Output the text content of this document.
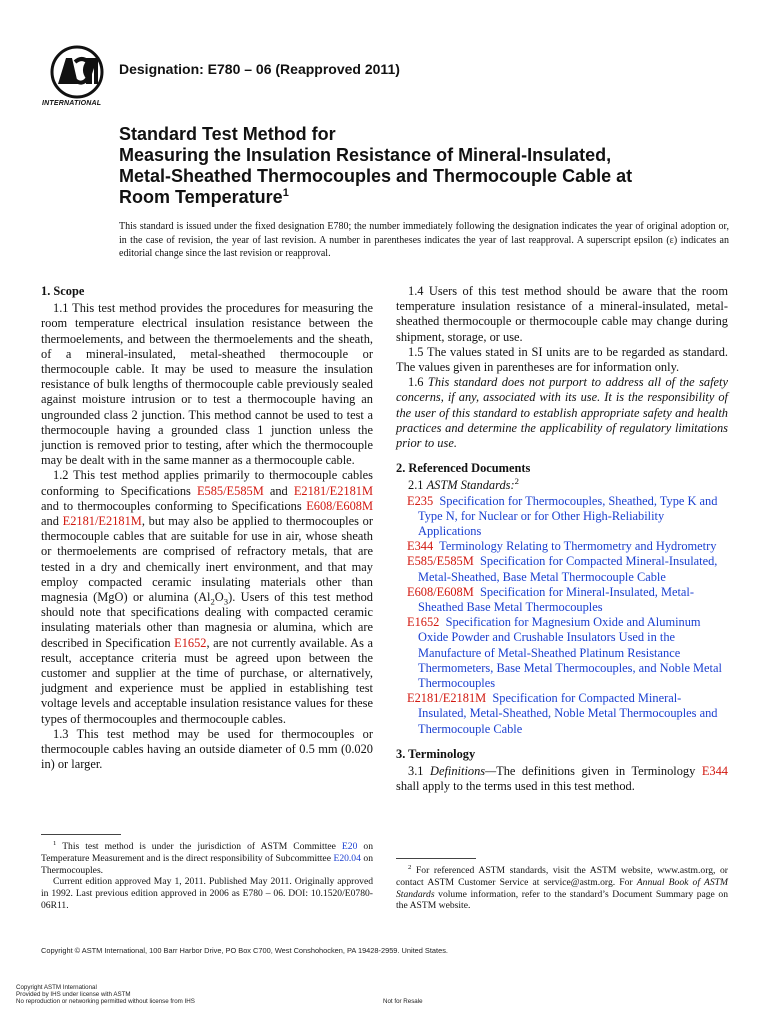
INTERNATIONAL
Designation: E780 – 06 (Reapproved 2011)
Standard Test Method for
Measuring the Insulation Resistance of Mineral-Insulated,
Metal-Sheathed Thermocouples and Thermocouple Cable at
Room Temperature$^1$
This standard is issued under the fixed designation E780; the number immediately following the designation indicates the year of original adoption or, in the case of revision, the year of last revision. A number in parentheses indicates the year of last reapproval. A superscript epsilon (ε) indicates an editorial change since the last revision or reapproval.
1. Scope

1.1 This test method provides the procedures for measuring the room temperature electrical insulation resistance between the thermoelements, and between the thermoelements and the sheath, of a mineral-insulated, metal-sheathed thermocouple or thermocouple cable. It may be used to measure the insulation resistance of bulk lengths of thermocouple cable previously sealed against moisture intrusion or to test a thermocouple having an ungrounded class 2 junction. This method cannot be used to test a thermocouple having a grounded class 1 junction unless the junction is removed prior to testing, after which the thermocouple may be dealt with in the same manner as a thermocouple cable.

1.2 This test method applies primarily to thermocouple cables conforming to Specifications E585/E585M and E2181/E2181M and to thermocouples conforming to Specifications E608/E608M and E2181/E2181M, but may also be applied to thermocouples or thermocouple cables that are suitable for use in air, whose sheath or thermoelements are comprised of refractory metals, that are tested in a dry and chemically inert environment, and that may employ compacted ceramic insulating materials other than magnesia (MgO) or alumina $(Al_2O_3)$. Users of this test method should note that specifications dealing with compacted ceramic insulating materials other than magnesia or alumina, which are described in Specification E1652, are not currently available. As a result, acceptance criteria must be agreed upon between the customer and supplier at the time of purchase, or alternatively, judgment and experience must be applied in establishing test voltage levels and acceptable insulation resistance values for these types of thermocouples and thermocouple cables.

1.3 This test method may be used for thermocouples or thermocouple cables having an outside diameter of 0.5 mm (0.020 in) or larger.

1.4 Users of this test method should be aware that the room temperature insulation resistance of a mineral-insulated, metal-sheathed thermocouple or thermocouple cable may change during shipment, storage, or use.

1.5 The values stated in SI units are to be regarded as standard. The values given in parentheses are for information only.

1.6 This standard does not purport to address all of the safety concerns, if any, associated with its use. It is the responsibility of the user of this standard to establish appropriate safety and health practices and determine the applicability of regulatory limitations prior to use.

2. Referenced Documents

2.1 ASTM Standards:$^2$

E235 Specification for Thermocouples, Sheathed, Type K and Type N, for Nuclear or for Other High-Reliability Applications
E344 Terminology Relating to Thermometry and Hydrometry
E585/E585M Specification for Compacted Mineral-Insulated, Metal-Sheathed, Base Metal Thermocouple Cable
E608/E608M Specification for Mineral-Insulated, Metal-Sheathed Base Metal Thermocouples
E1652 Specification for Magnesium Oxide and Aluminum Oxide Powder and Crushable Insulators Used in the Manufacture of Metal-Sheathed Platinum Resistance Thermometers, Base Metal Thermocouples, and Noble Metal Thermocouples
E2181/E2181M Specification for Compacted Mineral-Insulated, Metal-Sheathed, Noble Metal Thermocouples and Thermocouple Cable
3. Terminology

3.1 Definitions—The definitions given in Terminology E344 shall apply to the terms used in this test method.

$^1$ This test method is under the jurisdiction of ASTM Committee E20 on Temperature Measurement and is the direct responsibility of Subcommittee E20.04 on Thermocouples.

Current edition approved May 1, 2011. Published May 2011. Originally approved in 1992. Last previous edition approved in 2006 as E780 – 06. DOI: 10.1520/E0780-06R11.

$^2$ For referenced ASTM standards, visit the ASTM website, www.astm.org, or contact ASTM Customer Service at service@astm.org. For Annual Book of ASTM Standards volume information, refer to the standard’s Document Summary page on the ASTM website.

Copyright © ASTM International, 100 Barr Harbor Drive, PO Box C700, West Conshohocken, PA 19428-2959. United States.
Copyright ASTM International
Provided by IHS under license with ASTM
No reproduction or networking permitted without license from IHS	Not for Resale
